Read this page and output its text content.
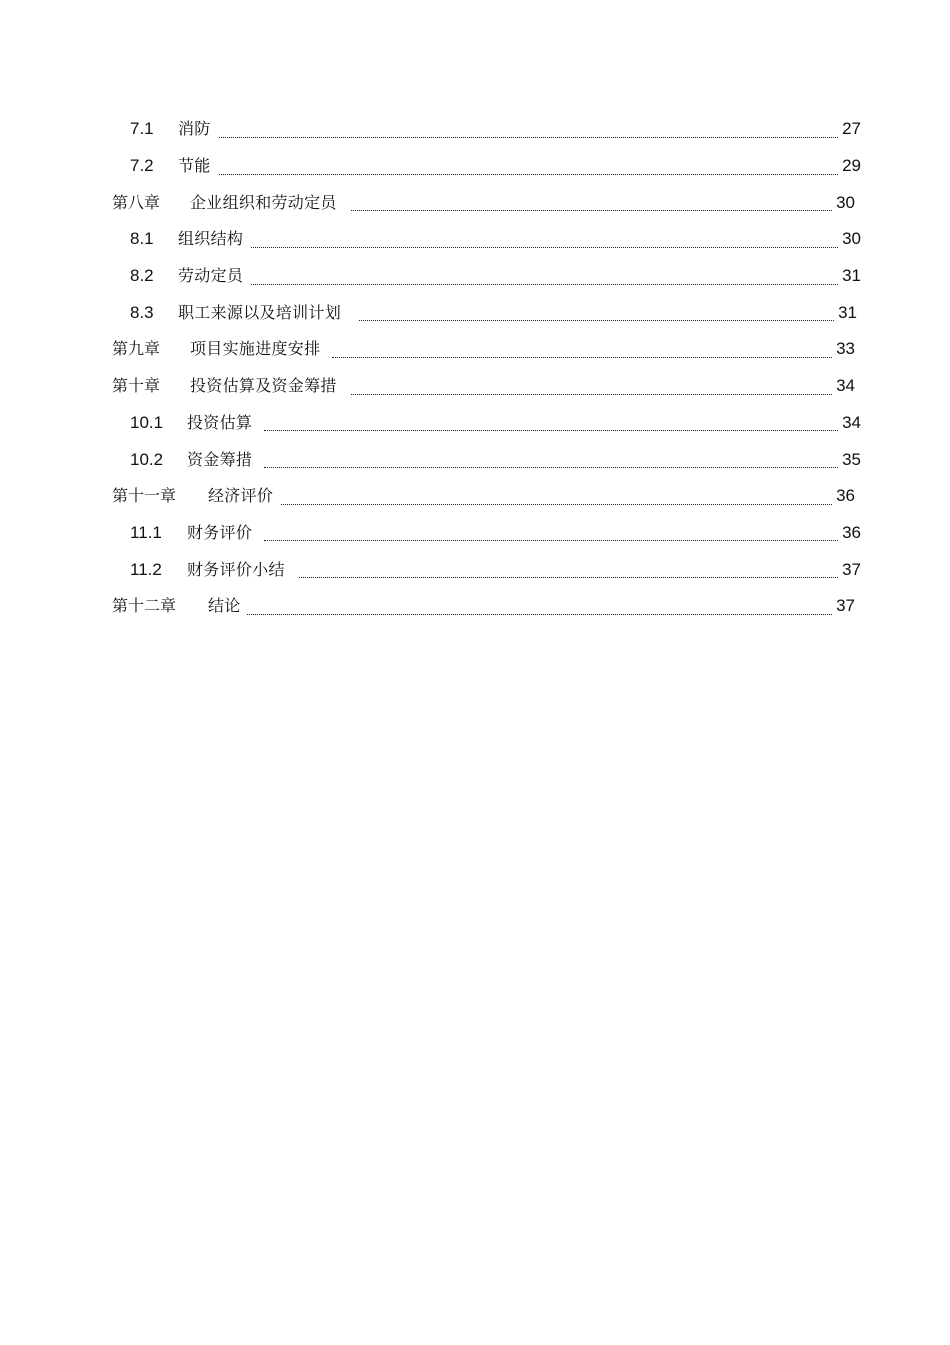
7.1	消防	27
7.2	节能	29
第八章	企业组织和劳动定员	30
8.1	组织结构	30
8.2	劳动定员	31
8.3	职工来源以及培训计划	31
第九章	项目实施进度安排	33
第十章	投资估算及资金筹措	34
10.1	投资估算	34
10.2	资金筹措	35
第十一章	经济评价	36
11.1	财务评价	36
11.2	财务评价小结	37
第十二章	结论	37
